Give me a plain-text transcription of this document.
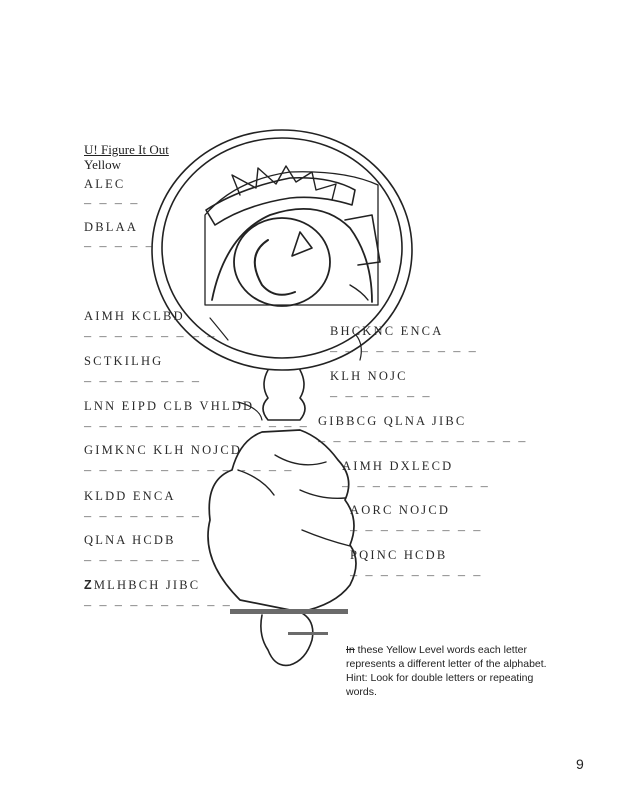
U! Figure It Out
Yellow
ALEC
_ _ _ _
DBLAA
_ _ _ _ _
AIMH KCLBD
_ _ _ _ _ _ _ _ _
SCTKILHG
_ _ _ _ _ _ _ _
LNN EIPD CLB VHLDD
_ _ _ _ _ _ _ _ _ _ _ _ _ _ _
GIMKNC KLH NOJCD
_ _ _ _ _ _ _ _ _ _ _ _ _ _
KLDD ENCA
_ _ _ _ _ _ _ _
QLNA HCDB
_ _ _ _ _ _ _ _
ZMLHBCH JIBC
_ _ _ _ _ _ _ _ _ _
BHCKNC ENCA
_ _ _ _ _ _ _ _ _ _
KLH NOJC
_ _ _ _ _ _ _
GIBBCG QLNA JIBC
_ _ _ _ _ _ _ _ _ _ _ _ _ _
AIMH DXLECD
_ _ _ _ _ _ _ _ _ _
AORC NOJCD
_ _ _ _ _ _ _ _ _
PQINC HCDB
_ _ _ _ _ _ _ _ _
In these Yellow Level words each letter represents a different letter of the alphabet. Hint: Look for double letters or repeating words.
9
